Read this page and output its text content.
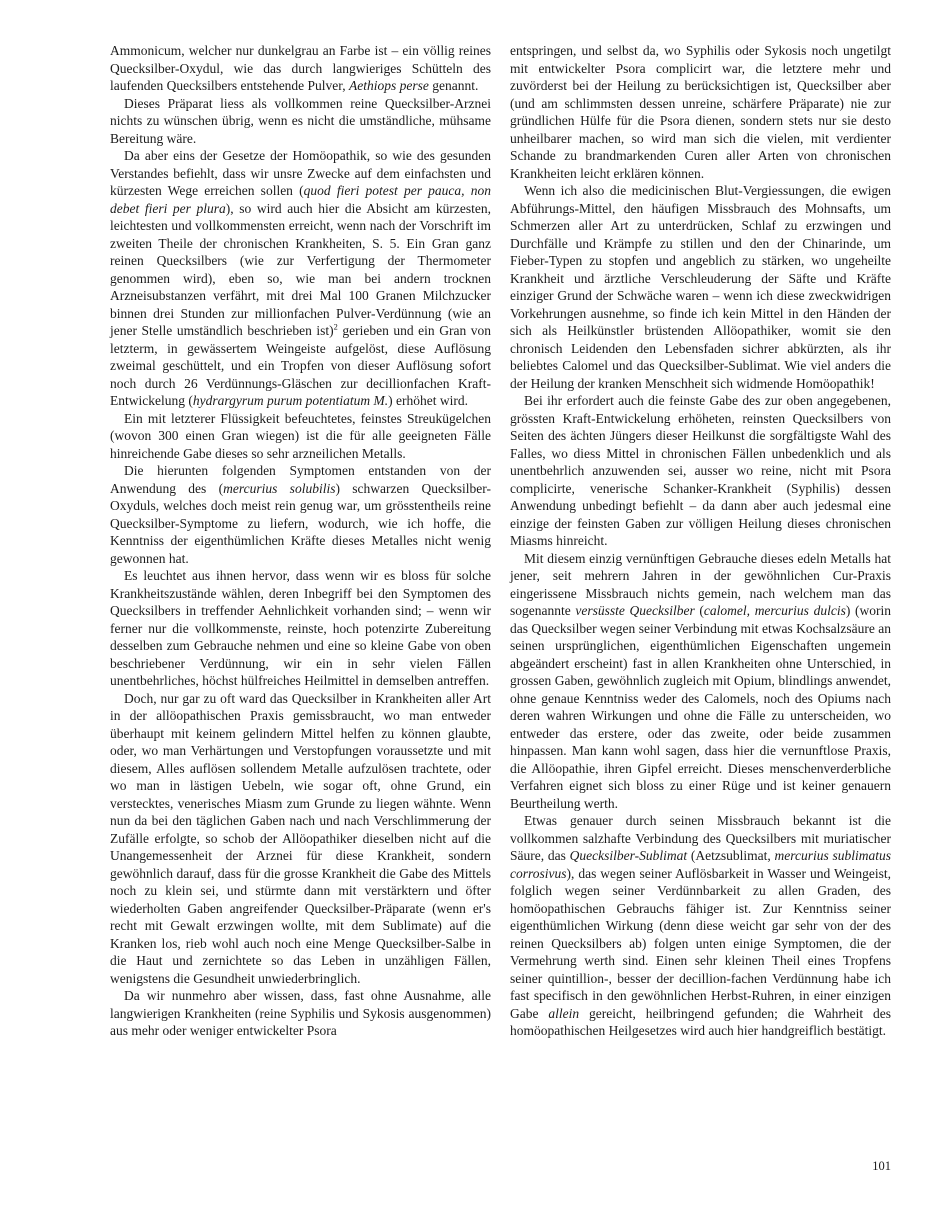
Ammonicum, welcher nur dunkelgrau an Farbe ist – ein völlig reines Quecksilber-Oxydul, wie das durch langwieriges Schütteln des laufenden Quecksilbers entstehende Pulver, Aethiops perse genannt.

Dieses Präparat liess als vollkommen reine Quecksilber-Arznei nichts zu wünschen übrig, wenn es nicht die umständliche, mühsame Bereitung wäre.

Da aber eins der Gesetze der Homöopathik, so wie des gesunden Verstandes befiehlt, dass wir unsre Zwecke auf dem einfachsten und kürzesten Wege erreichen sollen (quod fieri potest per pauca, non debet fieri per plura), so wird auch hier die Absicht am kürzesten, leichtesten und vollkommensten erreicht, wenn nach der Vorschrift im zweiten Theile der chronischen Krankheiten, S. 5. Ein Gran ganz reinen Quecksilbers (wie zur Verfertigung der Thermometer genommen wird), eben so, wie man bei andern trocknen Arzneisubstanzen verfährt, mit drei Mal 100 Granen Milchzucker binnen drei Stunden zur millionfachen Pulver-Verdünnung (wie an jener Stelle umständlich beschrieben ist)$^2$ gerieben und ein Gran von letzterm, in gewässertem Weingeiste aufgelöst, diese Auflösung zweimal geschüttelt, und ein Tropfen von dieser Auflösung sofort noch durch 26 Verdünnungs-Gläschen zur decillionfachen Kraft-Entwickelung (hydrargyrum purum potentiatum M.) erhöhet wird.

Ein mit letzterer Flüssigkeit befeuchtetes, feinstes Streukügelchen (wovon 300 einen Gran wiegen) ist die für alle geeigneten Fälle hinreichende Gabe dieses so sehr arzneilichen Metalls.

Die hierunten folgenden Symptomen entstanden von der Anwendung des (mercurius solubilis) schwarzen Quecksilber-Oxyduls, welches doch meist rein genug war, um grösstentheils reine Quecksilber-Symptome zu liefern, wodurch, wie ich hoffe, die Kenntniss der eigenthümlichen Kräfte dieses Metalles nicht wenig gewonnen hat.

Es leuchtet aus ihnen hervor, dass wenn wir es bloss für solche Krankheitszustände wählen, deren Inbegriff bei den Symptomen des Quecksilbers in treffender Aehnlichkeit vorhanden sind; – wenn wir ferner nur die vollkommenste, reinste, hoch potenzirte Zubereitung desselben zum Gebrauche nehmen und eine so kleine Gabe von oben beschriebener Verdünnung, wir ein in sehr vielen Fällen unentbehrliches, höchst hülfreiches Heilmittel in demselben antreffen.

Doch, nur gar zu oft ward das Quecksilber in Krankheiten aller Art in der allöopathischen Praxis gemissbraucht, wo man entweder überhaupt mit keinem gelindern Mittel helfen zu können glaubte, oder, wo man Verhärtungen und Verstopfungen voraussetzte und mit diesem, Alles auflösen sollendem Metalle aufzulösen trachtete, oder wo man in lästigen Uebeln, wie sogar oft, ohne Grund, ein verstecktes, venerisches Miasm zum Grunde zu liegen wähnte. Wenn nun da bei den täglichen Gaben nach und nach Verschlimmerung der Zufälle erfolgte, so schob der Allöopathiker dieselben nicht auf die Unangemessenheit der Arznei für diese Krankheit, sondern gewöhnlich darauf, dass für die grosse Krankheit die Gabe des Mittels noch zu klein sei, und stürmte dann mit verstärktern und öfter wiederholten Gaben angreifender Quecksilber-Präparate (wenn er's recht mit Gewalt erzwingen wollte, mit dem Sublimate) auf die Kranken los, rieb wohl auch noch eine Menge Quecksilber-Salbe in die Haut und zernichtete so das Leben in unzähligen Fällen, wenigstens die Gesundheit unwiederbringlich.

Da wir nunmehro aber wissen, dass, fast ohne Ausnahme, alle langwierigen Krankheiten (reine Syphilis und Sykosis ausgenommen) aus mehr oder weniger entwickelter Psora

entspringen, und selbst da, wo Syphilis oder Sykosis noch ungetilgt mit entwickelter Psora complicirt war, die letztere mehr und zuvörderst bei der Heilung zu berücksichtigen ist, Quecksilber aber (und am schlimmsten dessen unreine, schärfere Präparate) nie zur gründlichen Hülfe für die Psora dienen, sondern stets nur sie desto unheilbarer machen, so wird man sich die vielen, mit verdienter Schande zu brandmarkenden Curen aller Arten von chronischen Krankheiten leicht erklären können.

Wenn ich also die medicinischen Blut-Vergiessungen, die ewigen Abführungs-Mittel, den häufigen Missbrauch des Mohnsafts, um Schmerzen aller Art zu unterdrücken, Schlaf zu erzwingen und Durchfälle und Krämpfe zu stillen und den der Chinarinde, um Fieber-Typen zu stopfen und angeblich zu stärken, wo ungeheilte Krankheit und ärztliche Verschleuderung der Säfte und Kräfte einziger Grund der Schwäche waren – wenn ich diese zweckwidrigen Vorkehrungen ausnehme, so finde ich kein Mittel in den Händen der sich als Heilkünstler brüstenden Allöopathiker, womit sie den chronisch Leidenden den Lebensfaden sichrer abkürzten, als ihr beliebtes Calomel und das Quecksilber-Sublimat. Wie viel anders die der Heilung der kranken Menschheit sich widmende Homöopathik!

Bei ihr erfordert auch die feinste Gabe des zur oben angegebenen, grössten Kraft-Entwickelung erhöheten, reinsten Quecksilbers von Seiten des ächten Jüngers dieser Heilkunst die sorgfältigste Wahl des Falles, wo diess Mittel in chronischen Fällen unbedenklich und als unentbehrlich anzuwenden sei, ausser wo reine, nicht mit Psora complicirte, venerische Schanker-Krankheit (Syphilis) dessen Anwendung unbedingt befiehlt – da dann aber auch jedesmal eine einzige der feinsten Gaben zur völligen Heilung dieses chronischen Miasms hinreicht.

Mit diesem einzig vernünftigen Gebrauche dieses edeln Metalls hat jener, seit mehrern Jahren in der gewöhnlichen Cur-Praxis eingerissene Missbrauch nichts gemein, nach welchem man das sogenannte versüsste Quecksilber (calomel, mercurius dulcis) (worin das Quecksilber wegen seiner Verbindung mit etwas Kochsalzsäure an seinen ursprünglichen, eigenthümlichen Eigenschaften ungemein abgeändert erscheint) fast in allen Krankheiten ohne Unterschied, in grossen Gaben, gewöhnlich zugleich mit Opium, blindlings anwendet, ohne genaue Kenntniss weder des Calomels, noch des Opiums nach deren wahren Wirkungen und ohne die Fälle zu unterscheiden, wo entweder das erstere, oder das zweite, oder beide zusammen hinpassen. Man kann wohl sagen, dass hier die vernunftlose Praxis, die Allöopathie, ihren Gipfel erreicht. Dieses menschenverderbliche Verfahren eignet sich bloss zu einer Rüge und ist keiner genauern Beurtheilung werth.

Etwas genauer durch seinen Missbrauch bekannt ist die vollkommen salzhafte Verbindung des Quecksilbers mit muriatischer Säure, das Quecksilber-Sublimat (Aetzsublimat, mercurius sublimatus corrosivus), das wegen seiner Auflösbarkeit in Wasser und Weingeist, folglich wegen seiner Verdünnbarkeit zu allen Graden, des homöopathischen Gebrauchs fähiger ist. Zur Kenntniss seiner eigenthümlichen Wirkung (denn diese weicht gar sehr von der des reinen Quecksilbers ab) folgen unten einige Symptomen, die der Vermehrung werth sind. Einen sehr kleinen Theil eines Tropfens seiner quintillion-, besser der decillion-fachen Verdünnung habe ich fast specifisch in den gewöhnlichen Herbst-Ruhren, in einer einzigen Gabe allein gereicht, heilbringend gefunden; die Wahrheit des homöopathischen Heilgesetzes wird auch hier handgreiflich bestätigt.

101
